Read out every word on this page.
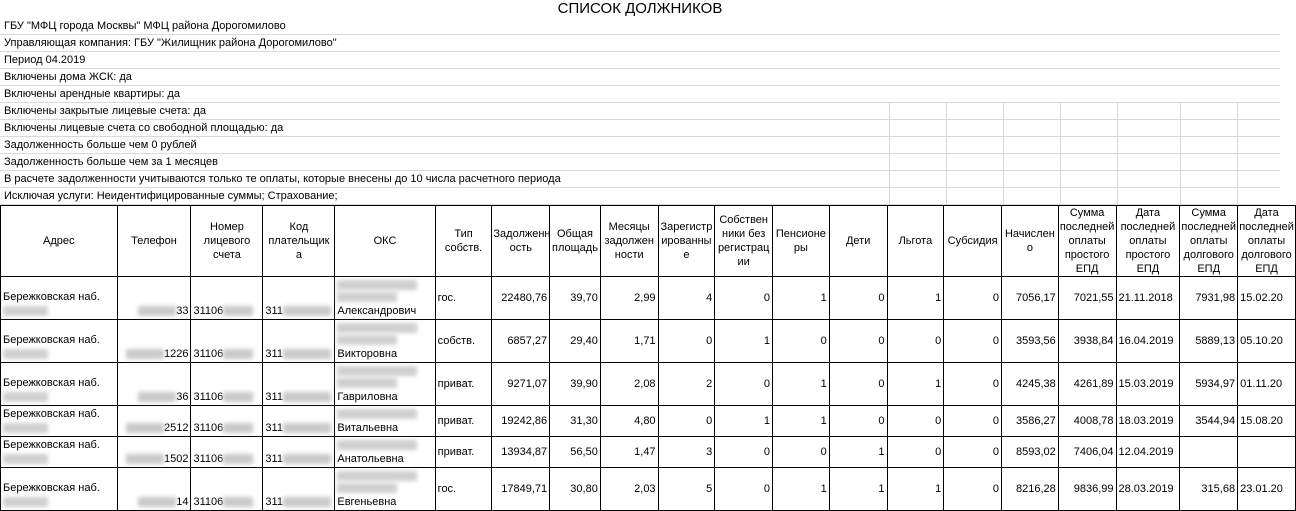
СПИСОК ДОЛЖНИКОВ
ГБУ "МФЦ города Москвы" МФЦ района Дорогомилово
Управляющая компания: ГБУ "Жилищник района Дорогомилово"
Период 04.2019
Включены дома ЖСК: да
Включены арендные квартиры: да
Включены закрытые лицевые счета: да
Включены лицевые счета со свободной площадью: да
Задолженность больше чем 0 рублей
Задолженность больше чем за 1 месяцев
В расчете задолженности учитываются только те оплаты, которые внесены до 10 числа расчетного периода
Исключая услуги: Неидентифицированные суммы; Страхование;
Адрес	Телефон	Номер
лицевого
счета	Код
плательщик
а	ОКС	Тип
собств.	Задолженн
ость	Общая
площадь	Месяцы
задолжен
ности	Зарегистр
ированны
е	Собствен
ники без
регистрац
ии	Пенсионе
ры	Дети	Льгота	Субсидия	Начислен
о	Сумма
последней
оплаты
простого
ЕПД	Дата
последней
оплаты
простого
ЕПД	Сумма
последней
оплаты
долгового
ЕПД	Дата
последней
оплаты
долгового
ЕПД
Бережковская наб.	33	31106	311	Александрович	гос.	22480,76	39,70	2,99	4	0	1	0	1	0	7056,17	7021,55	21.11.2018	7931,98	15.02.20
Бережковская наб.	1226	31106	311	Викторовна	собств.	6857,27	29,40	1,71	0	1	0	0	0	0	3593,56	3938,84	16.04.2019	5889,13	05.10.20
Бережковская наб.	36	31106	311	Гавриловна	приват.	9271,07	39,90	2,08	2	0	1	0	1	0	4245,38	4261,89	15.03.2019	5934,97	01.11.20
Бережковская наб.	2512	31106	311	Витальевна	приват.	19242,86	31,30	4,80	0	1	1	0	0	0	3586,27	4008,78	18.03.2019	3544,94	15.08.20
Бережковская наб.	1502	31106	311	Анатольевна	приват.	13934,87	56,50	1,47	3	0	0	1	0	0	8593,02	7406,04	12.04.2019		
Бережковская наб.	14	31106	311	Евгеньевна	гос.	17849,71	30,80	2,03	5	0	1	1	1	0	8216,28	9836,99	28.03.2019	315,68	23.01.20
